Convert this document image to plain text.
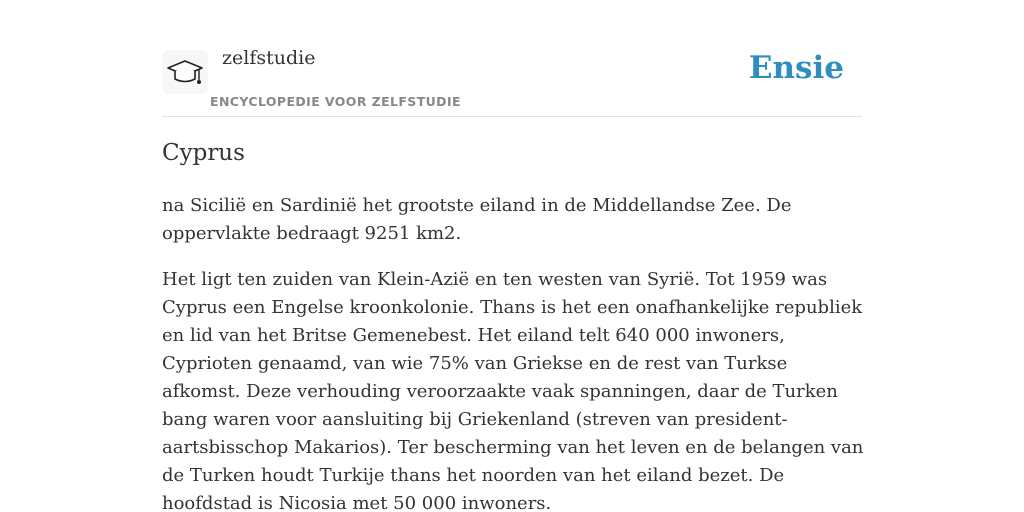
zelfstudie
ENCYCLOPEDIE VOOR ZELFSTUDIE
Ensie
Cyprus

na Sicilië en Sardinië het grootste eiland in de Middellandse Zee. De oppervlakte bedraagt 9251 km2.

Het ligt ten zuiden van Klein-Azië en ten westen van Syrië. Tot 1959 was Cyprus een Engelse kroonkolonie. Thans is het een onafhankelijke republiek en lid van het Britse Gemenebest. Het eiland telt 640 000 inwoners, Cyprioten genaamd, van wie 75% van Griekse en de rest van Turkse afkomst. Deze verhouding veroorzaakte vaak spanningen, daar de Turken bang waren voor aansluiting bij Griekenland (streven van president-aartsbisschop Makarios). Ter bescherming van het leven en de belangen van de Turken houdt Turkije thans het noorden van het eiland bezet. De hoofdstad is Nicosia met 50 000 inwoners.
